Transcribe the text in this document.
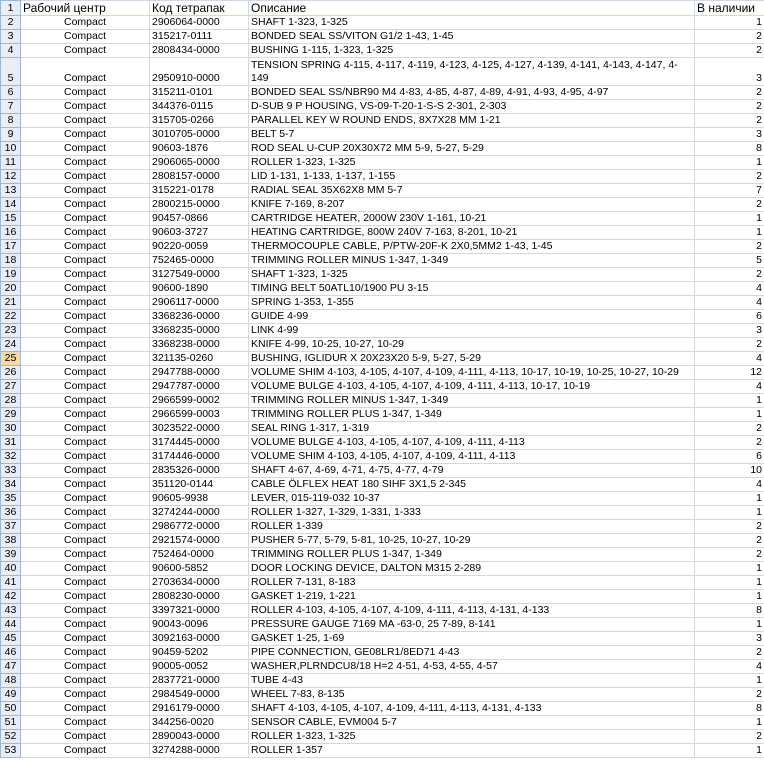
1	Рабочий центр	Код тетрапак	Описание	В наличии
2	Compact	2906064-0000	SHAFT 1-323, 1-325	1
3	Compact	315217-0111	BONDED SEAL SS/VITON G1/2 1-43, 1-45	2
4	Compact	2808434-0000	BUSHING 1-115, 1-323, 1-325	2
5	Compact	2950910-0000	TENSION SPRING 4-115, 4-117, 4-119, 4-123, 4-125, 4-127, 4-139, 4-141, 4-143, 4-147, 4-149	3
6	Compact	315211-0101	BONDED SEAL SS/NBR90 M4 4-83, 4-85, 4-87, 4-89, 4-91, 4-93, 4-95, 4-97	2
7	Compact	344376-0115	D-SUB 9 P HOUSING, VS-09-T-20-1-S-S 2-301, 2-303	2
8	Compact	315705-0266	PARALLEL KEY W ROUND ENDS, 8X7X28 MM 1-21	2
9	Compact	3010705-0000	BELT 5-7	3
10	Compact	90603-1876	ROD SEAL U-CUP 20X30X72 MM 5-9, 5-27, 5-29	8
11	Compact	2906065-0000	ROLLER 1-323, 1-325	1
12	Compact	2808157-0000	LID 1-131, 1-133, 1-137, 1-155	2
13	Compact	315221-0178	RADIAL SEAL 35X62X8 MM 5-7	7
14	Compact	2800215-0000	KNIFE 7-169, 8-207	2
15	Compact	90457-0866	CARTRIDGE HEATER, 2000W 230V 1-161, 10-21	1
16	Compact	90603-3727	HEATING CARTRIDGE, 800W 240V 7-163, 8-201, 10-21	1
17	Compact	90220-0059	THERMOCOUPLE CABLE, P/PTW-20F-K 2X0,5MM2 1-43, 1-45	2
18	Compact	752465-0000	TRIMMING ROLLER MINUS 1-347, 1-349	5
19	Compact	3127549-0000	SHAFT 1-323, 1-325	2
20	Compact	90600-1890	TIMING BELT 50ATL10/1900 PU 3-15	4
21	Compact	2906117-0000	SPRING 1-353, 1-355	4
22	Compact	3368236-0000	GUIDE 4-99	6
23	Compact	3368235-0000	LINK 4-99	3
24	Compact	3368238-0000	KNIFE 4-99, 10-25, 10-27, 10-29	2
25	Compact	321135-0260	BUSHING, IGLIDUR X 20X23X20 5-9, 5-27, 5-29	4
26	Compact	2947788-0000	VOLUME SHIM 4-103, 4-105, 4-107, 4-109, 4-111, 4-113, 10-17, 10-19, 10-25, 10-27, 10-29	12
27	Compact	2947787-0000	VOLUME BULGE 4-103, 4-105, 4-107, 4-109, 4-111, 4-113, 10-17, 10-19	4
28	Compact	2966599-0002	TRIMMING ROLLER MINUS 1-347, 1-349	1
29	Compact	2966599-0003	TRIMMING ROLLER PLUS 1-347, 1-349	1
30	Compact	3023522-0000	SEAL RING 1-317, 1-319	2
31	Compact	3174445-0000	VOLUME BULGE 4-103, 4-105, 4-107, 4-109, 4-111, 4-113	2
32	Compact	3174446-0000	VOLUME SHIM 4-103, 4-105, 4-107, 4-109, 4-111, 4-113	6
33	Compact	2835326-0000	SHAFT 4-67, 4-69, 4-71, 4-75, 4-77, 4-79	10
34	Compact	351120-0144	CABLE ÖLFLEX HEAT 180 SIHF 3X1,5 2-345	4
35	Compact	90605-9938	LEVER, 015-119-032 10-37	1
36	Compact	3274244-0000	ROLLER 1-327, 1-329, 1-331, 1-333	1
37	Compact	2986772-0000	ROLLER 1-339	2
38	Compact	2921574-0000	PUSHER 5-77, 5-79, 5-81, 10-25, 10-27, 10-29	2
39	Compact	752464-0000	TRIMMING ROLLER PLUS 1-347, 1-349	2
40	Compact	90600-5852	DOOR LOCKING DEVICE, DALTON M315 2-289	1
41	Compact	2703634-0000	ROLLER 7-131, 8-183	1
42	Compact	2808230-0000	GASKET 1-219, 1-221	1
43	Compact	3397321-0000	ROLLER 4-103, 4-105, 4-107, 4-109, 4-111, 4-113, 4-131, 4-133	8
44	Compact	90043-0096	PRESSURE GAUGE 7169 MA -63-0, 25 7-89, 8-141	1
45	Compact	3092163-0000	GASKET 1-25, 1-69	3
46	Compact	90459-5202	PIPE CONNECTION, GE08LR1/8ED71 4-43	2
47	Compact	90005-0052	WASHER,PLRNDCU8/18 H=2 4-51, 4-53, 4-55, 4-57	4
48	Compact	2837721-0000	TUBE 4-43	1
49	Compact	2984549-0000	WHEEL 7-83, 8-135	2
50	Compact	2916179-0000	SHAFT 4-103, 4-105, 4-107, 4-109, 4-111, 4-113, 4-131, 4-133	8
51	Compact	344256-0020	SENSOR CABLE, EVM004 5-7	1
52	Compact	2890043-0000	ROLLER 1-323, 1-325	2
53	Compact	3274288-0000	ROLLER 1-357	1
